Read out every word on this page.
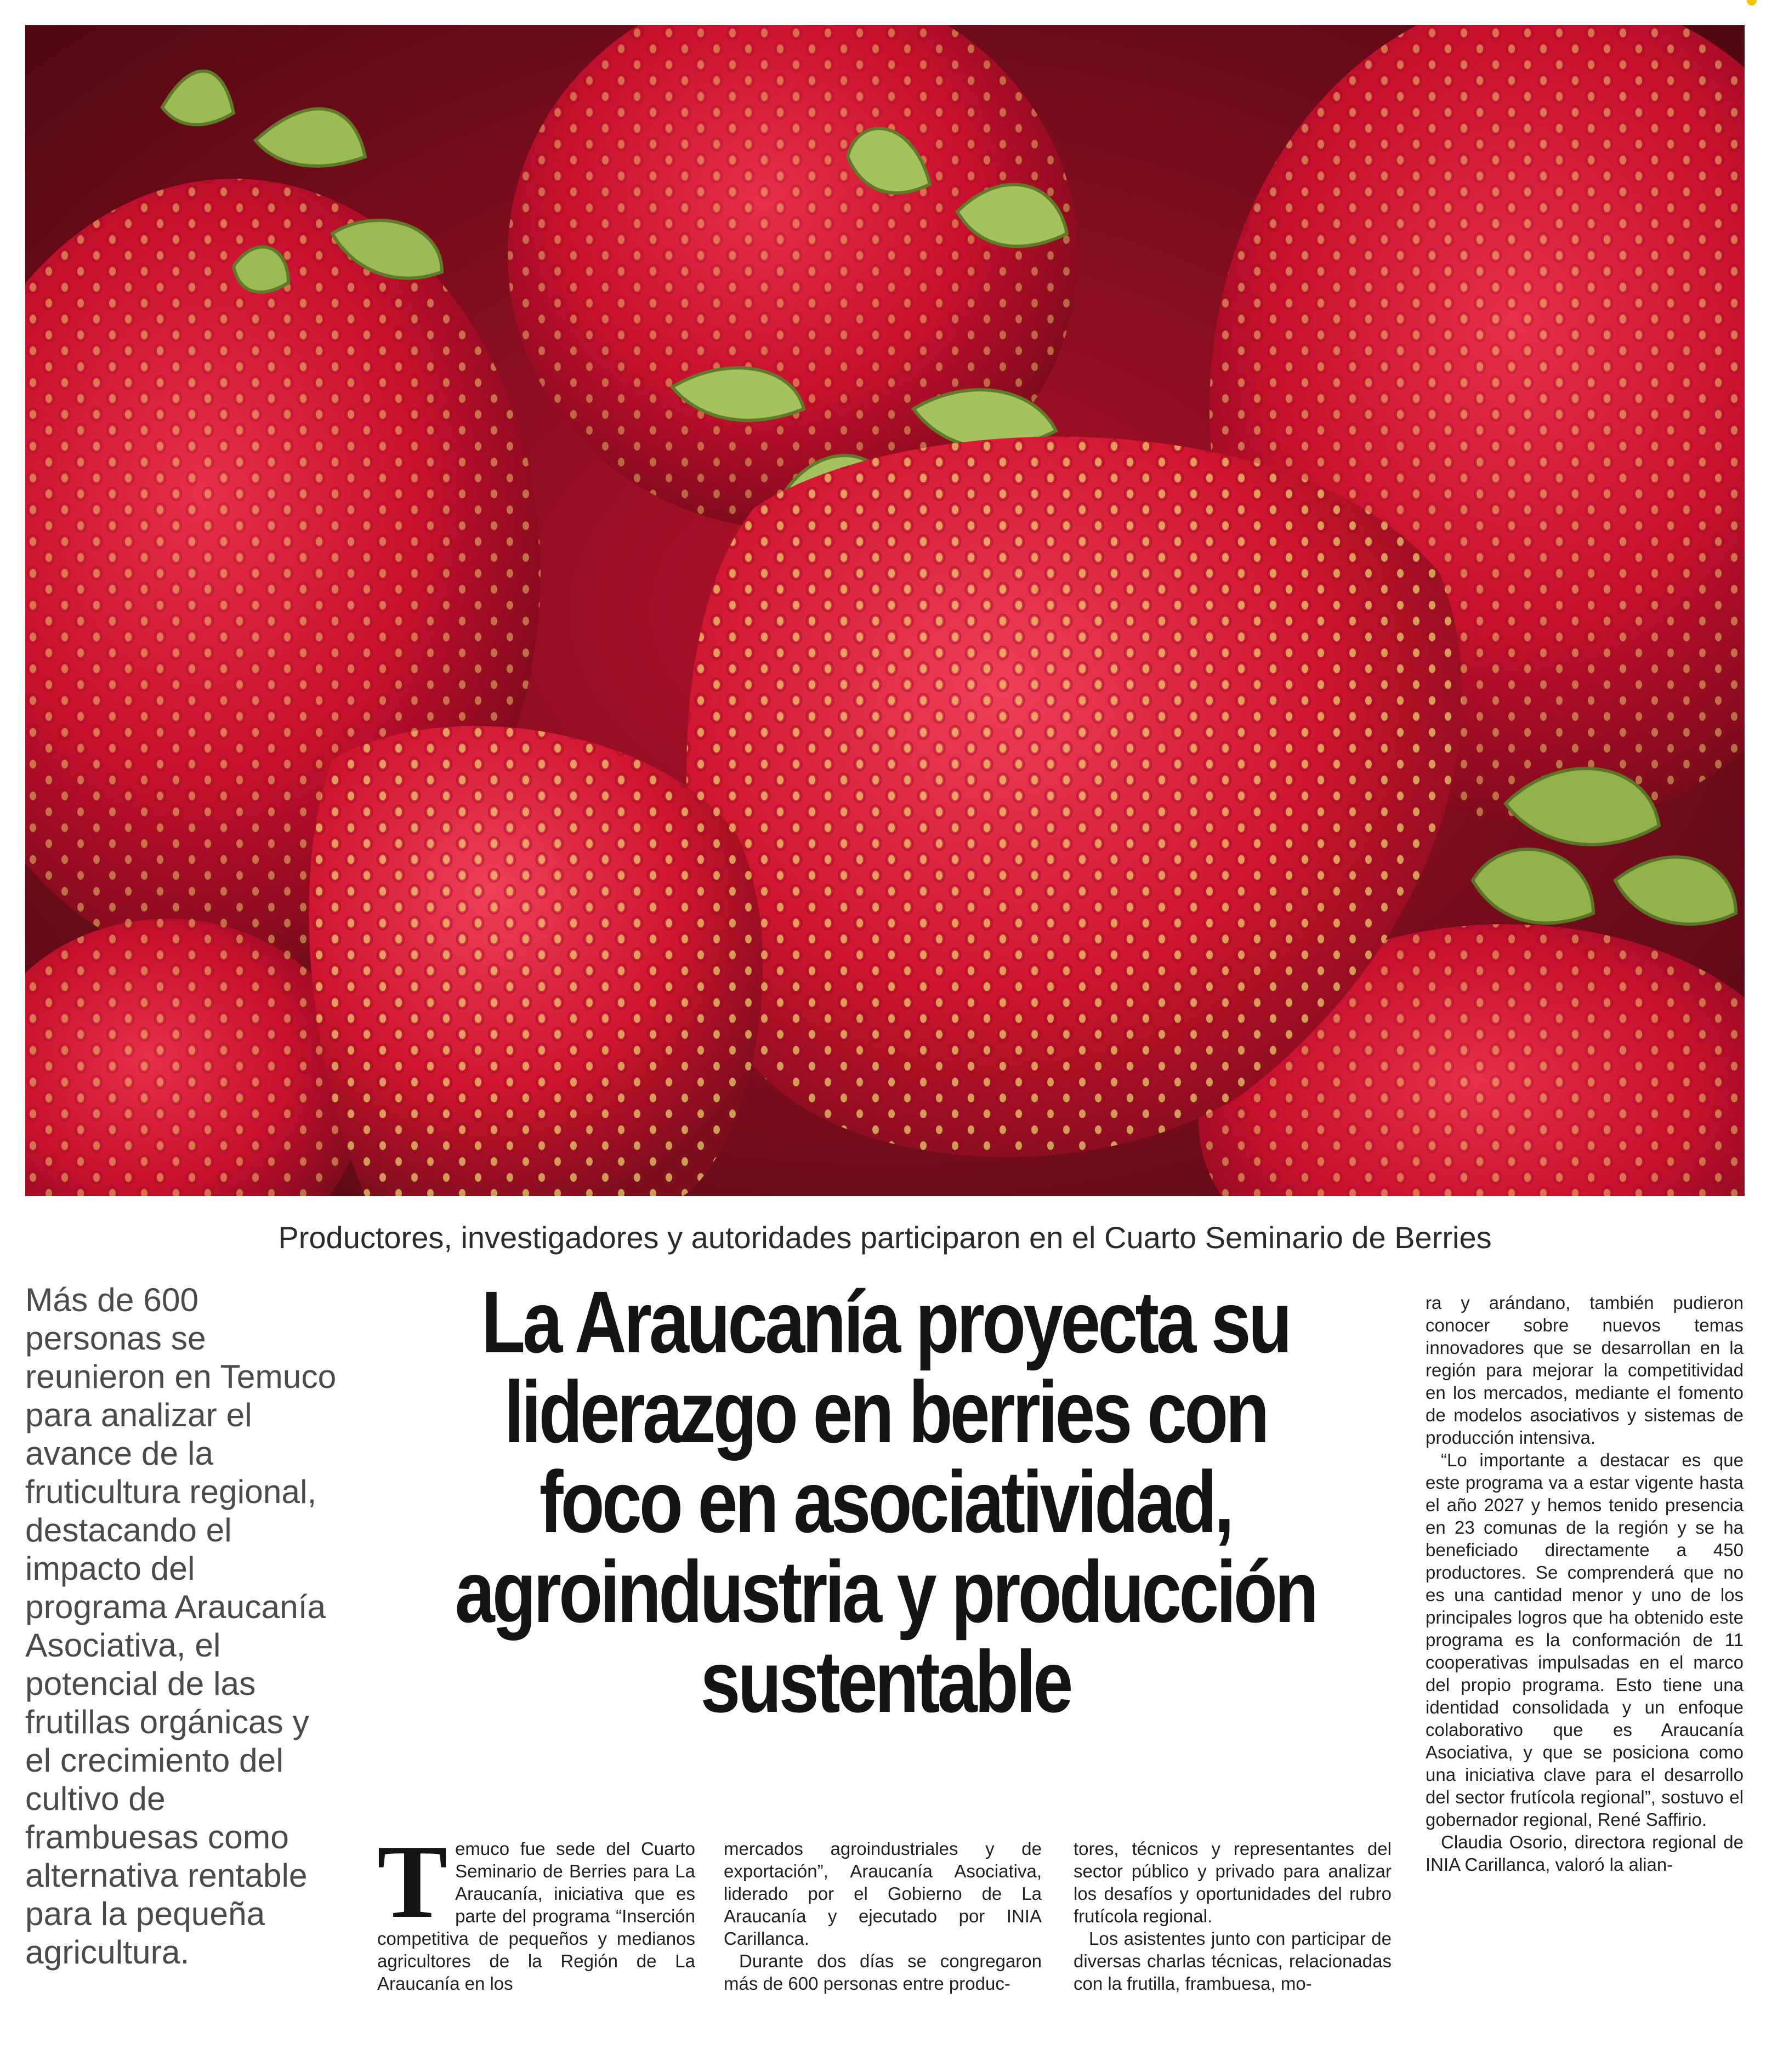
Productores, investigadores y autoridades participaron en el Cuarto Seminario de Berries
Más de 600 personas se reunieron en Temuco para analizar el avance de la fruticultura regional, destacando el impacto del programa Araucanía Asociativa, el potencial de las frutillas orgánicas y el crecimiento del cultivo de frambuesas como alternativa rentable para la pequeña agricultura.
La Araucanía proyecta su liderazgo en berries con foco en asociatividad, agroindustria y producción sustentable
T emuco fue sede del Cuarto Seminario de Berries para La Araucanía, iniciativa que es parte del programa “Inserción competitiva de pequeños y medianos agricultores de la Región de La Araucanía en los

mercados agroindustriales y de exportación”, Araucanía Asociativa, liderado por el Gobierno de La Araucanía y ejecutado por INIA Carillanca.

Durante dos días se congregaron más de 600 personas entre produc-

tores, técnicos y representantes del sector público y privado para analizar los desafíos y oportunidades del rubro frutícola regional.

Los asistentes junto con participar de diversas charlas técnicas, relacionadas con la frutilla, frambuesa, mo-

ra y arándano, también pudieron conocer sobre nuevos temas innovadores que se desarrollan en la región para mejorar la competitividad en los mercados, mediante el fomento de modelos asociativos y sistemas de producción intensiva.

“Lo importante a destacar es que este programa va a estar vigente hasta el año 2027 y hemos tenido presencia en 23 comunas de la región y se ha beneficiado directamente a 450 productores. Se comprenderá que no es una cantidad menor y uno de los principales logros que ha obtenido este programa es la conformación de 11 cooperativas impulsadas en el marco del propio programa. Esto tiene una identidad consolidada y un enfoque colaborativo que es Araucanía Asociativa, y que se posiciona como una iniciativa clave para el desarrollo del sector frutícola regional”, sostuvo el gobernador regional, René Saffirio.

Claudia Osorio, directora regional de INIA Carillanca, valoró la alian-
